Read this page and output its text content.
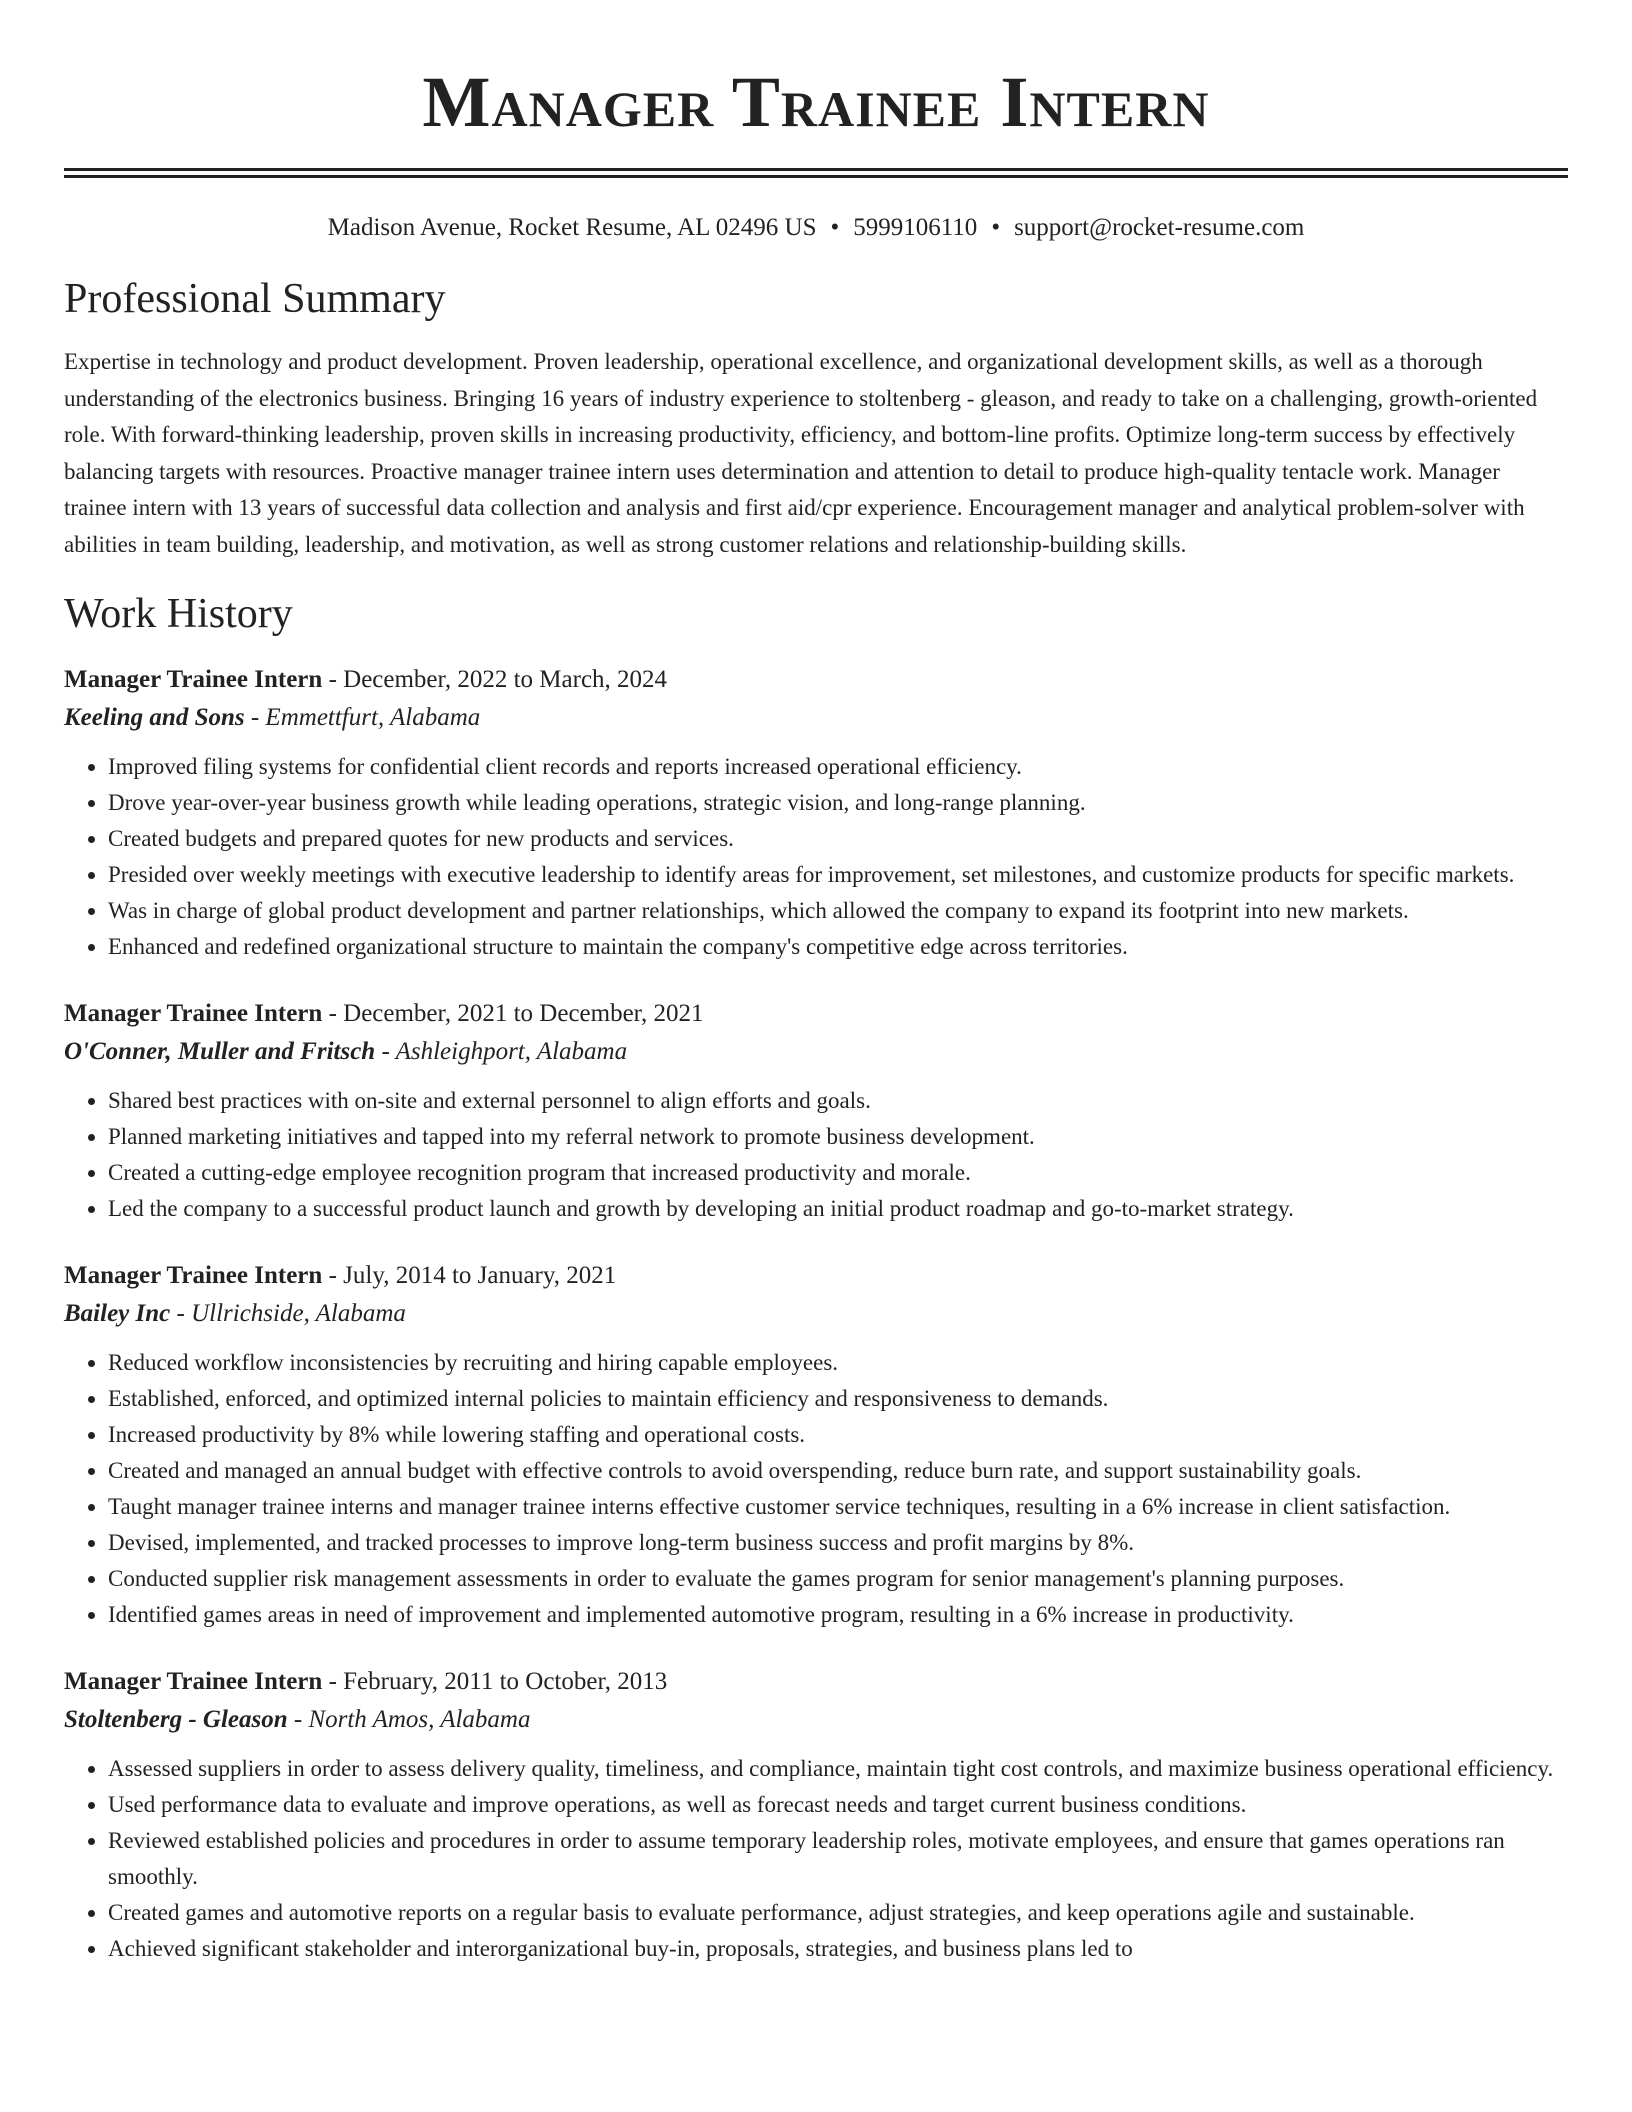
Manager Trainee Intern
Madison Avenue, Rocket Resume, AL 02496 US • 5999106110 • support@rocket-resume.com
Professional Summary

Expertise in technology and product development. Proven leadership, operational excellence, and organizational development skills, as well as a thorough understanding of the electronics business. Bringing 16 years of industry experience to stoltenberg - gleason, and ready to take on a challenging, growth-oriented role. With forward-thinking leadership, proven skills in increasing productivity, efficiency, and bottom-line profits. Optimize long-term success by effectively balancing targets with resources. Proactive manager trainee intern uses determination and attention to detail to produce high-quality tentacle work. Manager trainee intern with 13 years of successful data collection and analysis and first aid/cpr experience. Encouragement manager and analytical problem-solver with abilities in team building, leadership, and motivation, as well as strong customer relations and relationship-building skills.

Work History
Manager Trainee Intern - December, 2022 to March, 2024
Keeling and Sons - Emmettfurt, Alabama
• Improved filing systems for confidential client records and reports increased operational efficiency.
• Drove year-over-year business growth while leading operations, strategic vision, and long-range planning.
• Created budgets and prepared quotes for new products and services.
• Presided over weekly meetings with executive leadership to identify areas for improvement, set milestones, and customize products for specific markets.
• Was in charge of global product development and partner relationships, which allowed the company to expand its footprint into new markets.
• Enhanced and redefined organizational structure to maintain the company's competitive edge across territories.
Manager Trainee Intern - December, 2021 to December, 2021
O'Conner, Muller and Fritsch - Ashleighport, Alabama
• Shared best practices with on-site and external personnel to align efforts and goals.
• Planned marketing initiatives and tapped into my referral network to promote business development.
• Created a cutting-edge employee recognition program that increased productivity and morale.
• Led the company to a successful product launch and growth by developing an initial product roadmap and go-to-market strategy.
Manager Trainee Intern - July, 2014 to January, 2021
Bailey Inc - Ullrichside, Alabama
• Reduced workflow inconsistencies by recruiting and hiring capable employees.
• Established, enforced, and optimized internal policies to maintain efficiency and responsiveness to demands.
• Increased productivity by 8% while lowering staffing and operational costs.
• Created and managed an annual budget with effective controls to avoid overspending, reduce burn rate, and support sustainability goals.
• Taught manager trainee interns and manager trainee interns effective customer service techniques, resulting in a 6% increase in client satisfaction.
• Devised, implemented, and tracked processes to improve long-term business success and profit margins by 8%.
• Conducted supplier risk management assessments in order to evaluate the games program for senior management's planning purposes.
• Identified games areas in need of improvement and implemented automotive program, resulting in a 6% increase in productivity.
Manager Trainee Intern - February, 2011 to October, 2013
Stoltenberg - Gleason - North Amos, Alabama
• Assessed suppliers in order to assess delivery quality, timeliness, and compliance, maintain tight cost controls, and maximize business operational efficiency.
• Used performance data to evaluate and improve operations, as well as forecast needs and target current business conditions.
• Reviewed established policies and procedures in order to assume temporary leadership roles, motivate employees, and ensure that games operations ran smoothly.
• Created games and automotive reports on a regular basis to evaluate performance, adjust strategies, and keep operations agile and sustainable.
• Achieved significant stakeholder and interorganizational buy-in, proposals, strategies, and business plans led to
